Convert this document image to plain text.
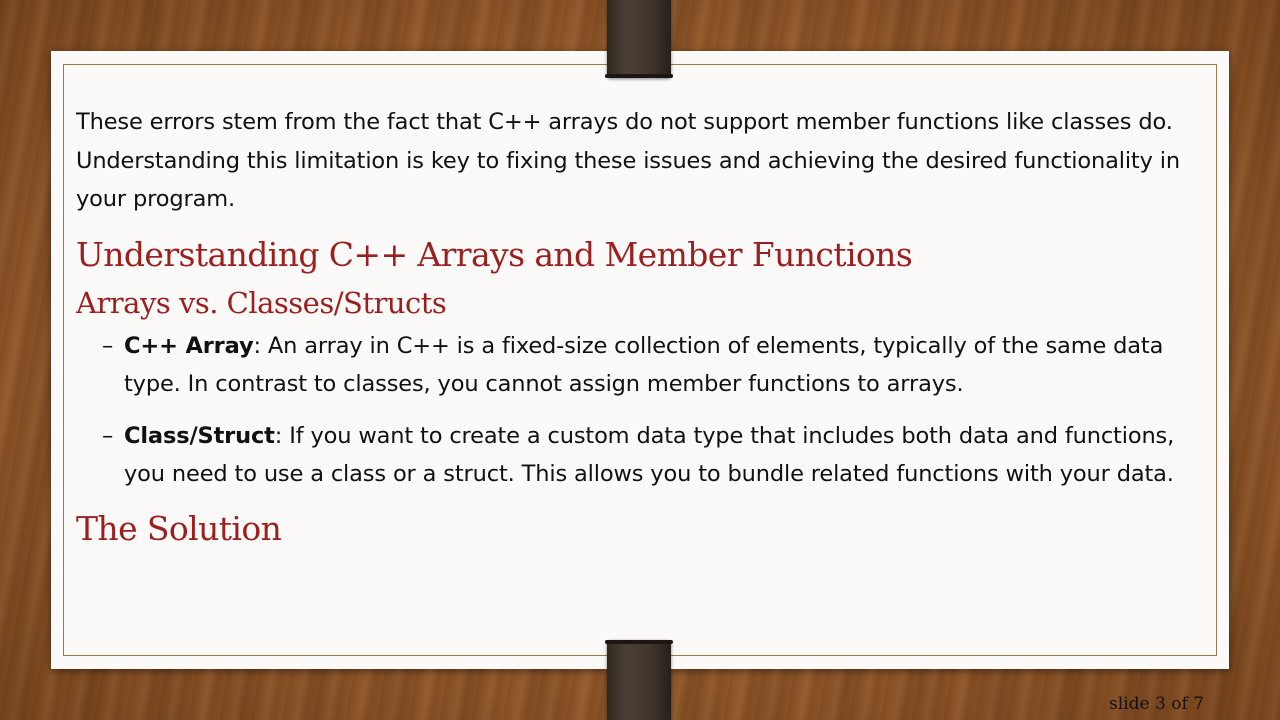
These errors stem from the fact that C++ arrays do not support member functions like classes do. Understanding this limitation is key to fixing these issues and achieving the desired functionality in your program.

Understanding C++ Arrays and Member Functions
Arrays vs. Classes/Structs
– C++ Array: An array in C++ is a fixed-size collection of elements, typically of the same data type. In contrast to classes, you cannot assign member functions to arrays.
– Class/Struct: If you want to create a custom data type that includes both data and functions, you need to use a class or a struct. This allows you to bundle related functions with your data.
The Solution
slide 3 of 7
